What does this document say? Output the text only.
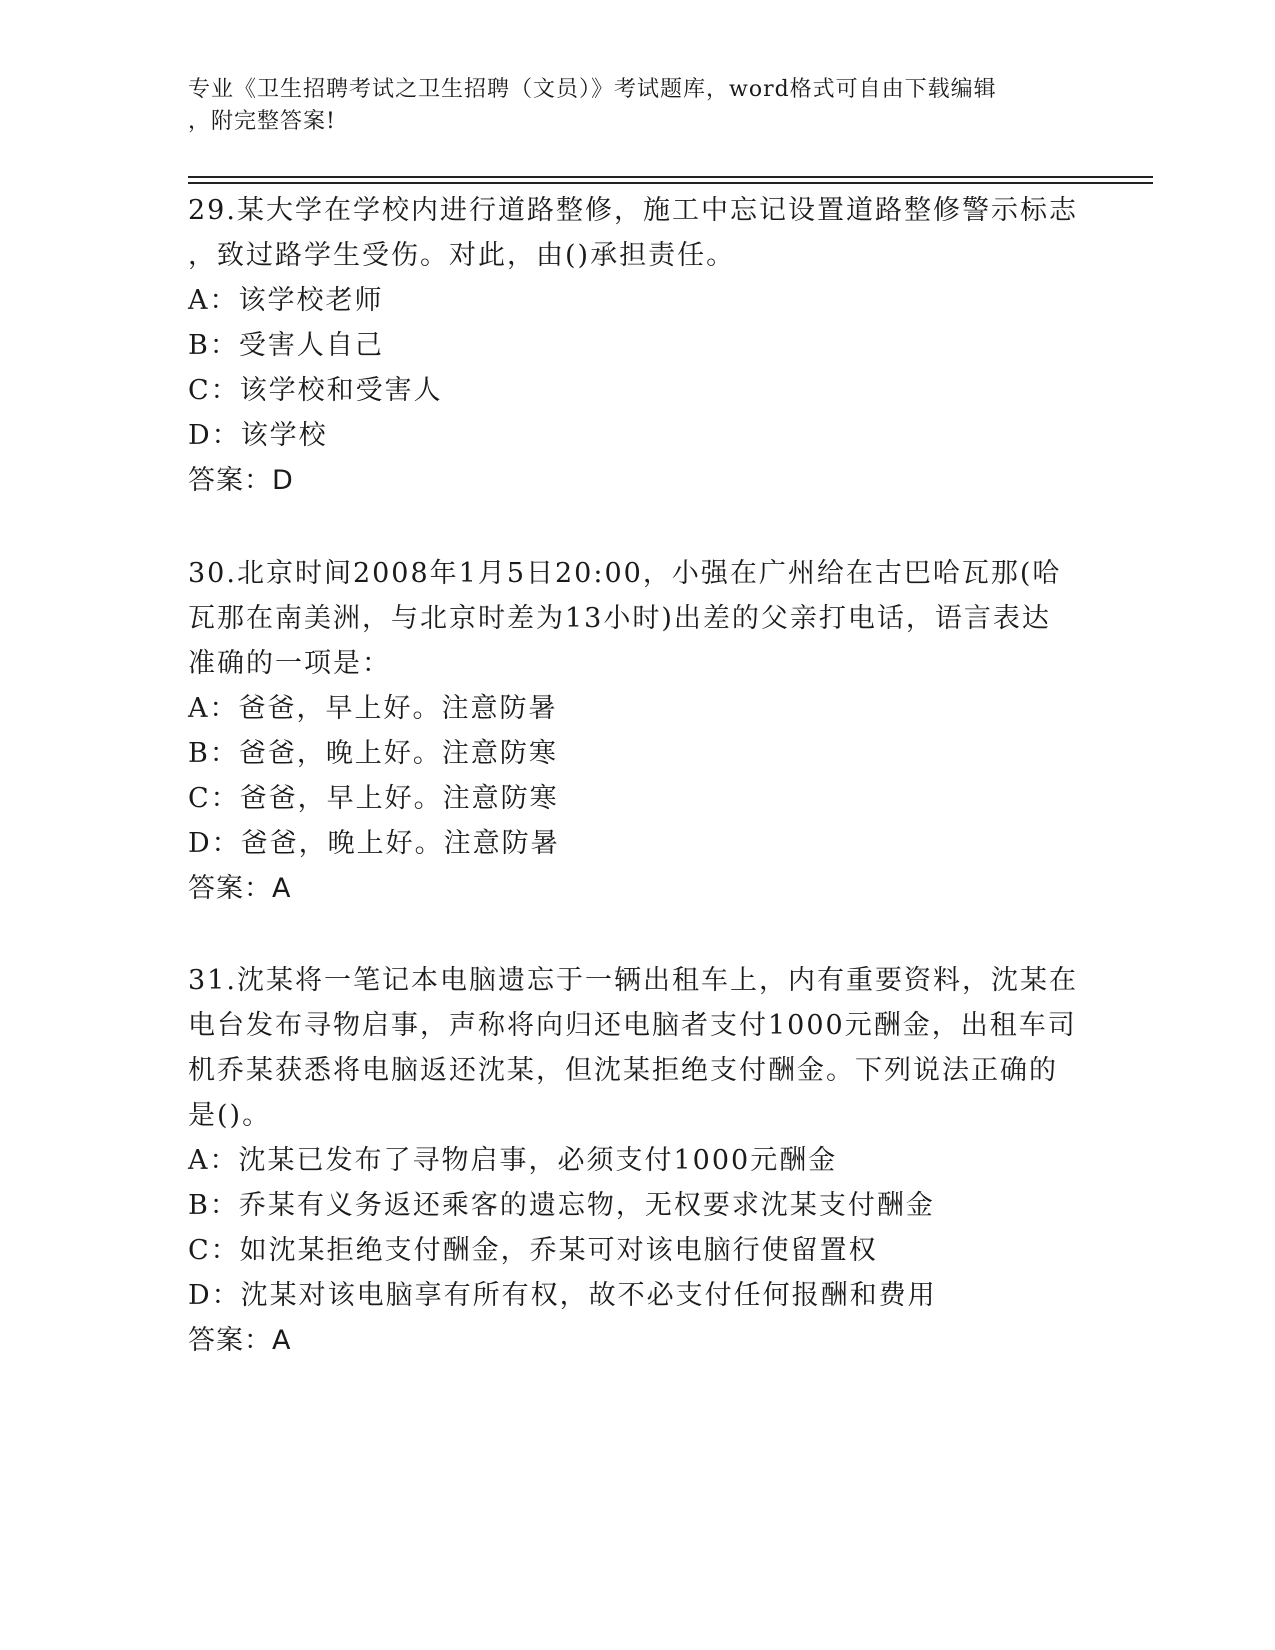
专业《卫生招聘考试之卫生招聘（文员）》考试题库，word格式可自由下载编辑
，附完整答案!
29.某大学在学校内进行道路整修，施工中忘记设置道路整修警示标志
，致过路学生受伤。对此，由()承担责任。
A：该学校老师
B：受害人自己
C：该学校和受害人
D：该学校
答案：D
30.北京时间2008年1月5日20:00，小强在广州给在古巴哈瓦那(哈
瓦那在南美洲，与北京时差为13小时)出差的父亲打电话，语言表达
准确的一项是：
A：爸爸，早上好。注意防暑
B：爸爸，晚上好。注意防寒
C：爸爸，早上好。注意防寒
D：爸爸，晚上好。注意防暑
答案：A
31.沈某将一笔记本电脑遗忘于一辆出租车上，内有重要资料，沈某在
电台发布寻物启事，声称将向归还电脑者支付1000元酬金，出租车司
机乔某获悉将电脑返还沈某，但沈某拒绝支付酬金。下列说法正确的
是()。
A：沈某已发布了寻物启事，必须支付1000元酬金
B：乔某有义务返还乘客的遗忘物，无权要求沈某支付酬金
C：如沈某拒绝支付酬金，乔某可对该电脑行使留置权
D：沈某对该电脑享有所有权，故不必支付任何报酬和费用
答案：A
